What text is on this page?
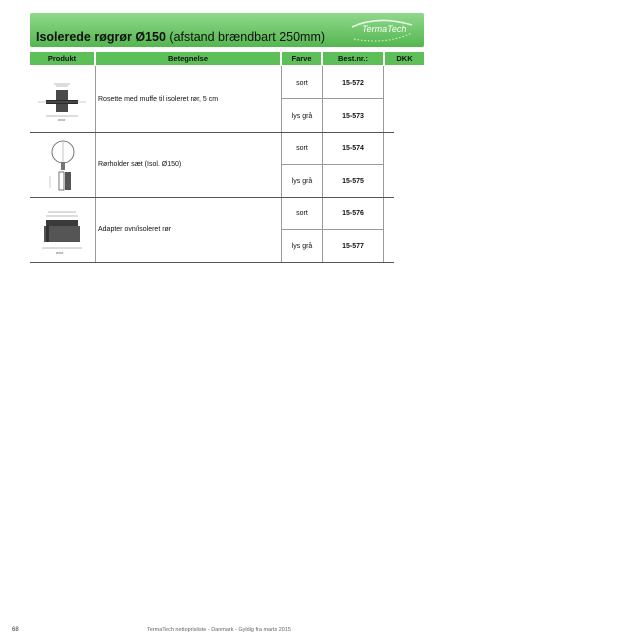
Isolerede røgrør Ø150 (afstand brændbart 250mm)
TermaTech
Produkt	Betegnelse	Farve	Best.nr.:	DKK
Ø###
Rosette med muffe til isoleret rør, 5 cm
sort	15-572
lys grå	15-573
Rørholder sæt (Isol. Ø150)
sort	15-574
lys grå	15-575
Ø###
Adapter ovn/isoleret rør
sort	15-576
lys grå	15-577
68	TermaTech nettoprisliste - Danmark - Gyldig fra marts 2015
